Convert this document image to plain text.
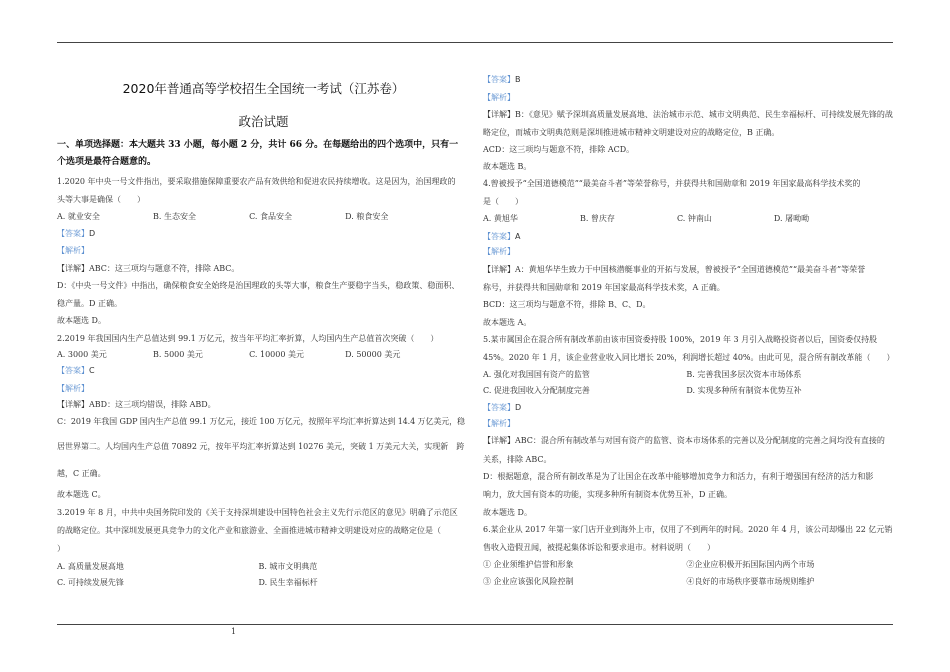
2020年普通高等学校招生全国统一考试（江苏卷）
政治试题
一、单项选择题：本大题共 33 小题，每小题 2 分，共计 66 分。在每题给出的四个选项中，只有一
个选项是最符合题意的。
1.2020 年中央一号文件指出，要采取措施保障重要农产品有效供给和促进农民持续增收。这是因为，治国理政的
头等大事是确保（　　）
A. 就业安全	B. 生态安全	C. 食品安全	D. 粮食安全
【答案】D
【解析】
【详解】ABC：这三项均与题意不符，排除 ABC。
D：《中央一号文件》中指出，确保粮食安全始终是治国理政的头等大事，粮食生产要稳字当头，稳政策、稳面积、
稳产量。D 正确。
故本题选 D。
2.2019 年我国国内生产总值达到 99.1 万亿元，按当年平均汇率折算，人均国内生产总值首次突破（　　）
A. 3000 美元	B. 5000 美元	C. 10000 美元	D. 50000 美元
【答案】C
【解析】
【详解】ABD：这三项均错误，排除 ABD。
C：2019 年我国 GDP 国内生产总值 99.1 万亿元，接近 100 万亿元，按照年平均汇率折算达到 14.4 万亿美元，稳
居世界第二。人均国内生产总值 70892 元，按年平均汇率折算达到 10276 美元，突破 1 万美元大关，实现新　跨
越，C 正确。
故本题选 C。
3.2019 年 8 月，中共中央国务院印发的《关于支持深圳建设中国特色社会主义先行示范区的意见》明确了示范区
的战略定位。其中深圳发展更具竞争力的文化产业和旅游业、全面推进城市精神文明建设对应的战略定位是（
）
A. 高质量发展高地	B. 城市文明典范
C. 可持续发展先锋	D. 民生幸福标杆
【答案】B
【解析】
【详解】B：《意见》赋予深圳高质量发展高地、法治城市示范、城市文明典范、民生幸福标杆、可持续发展先锋的战
略定位，而城市文明典范则是深圳推进城市精神文明建设对应的战略定位，B 正确。
ACD：这三项均与题意不符，排除 ACD。
故本题选 B。
4.曾被授予“全国道德模范”“最美奋斗者”等荣誉称号，并获得共和国勋章和 2019 年国家最高科学技术奖的
是（　　）
A. 黄旭华	B. 曾庆存	C. 钟南山	D. 屠呦呦
【答案】A
【解析】
【详解】A：黄旭华毕生致力于中国核潜艇事业的开拓与发展，曾被授予“全国道德模范”“最美奋斗者”等荣誉
称号，并获得共和国勋章和 2019 年国家最高科学技术奖，A 正确。
BCD：这三项均与题意不符，排除 B、C、D。
故本题选 A。
5.某市属国企在混合所有制改革前由该市国资委持股 100%，2019 年 3 月引入战略投资者以后，国资委仅持股
45%。2020 年 1 月，该企业营业收入同比增长 20%，利润增长超过 40%。由此可见，混合所有制改革能（　　）
A. 强化对我国国有资产的监管	B. 完善我国多层次资本市场体系
C. 促进我国收入分配制度完善	D. 实现多种所有制资本优势互补
【答案】D
【解析】
【详解】ABC：混合所有制改革与对国有资产的监管、资本市场体系的完善以及分配制度的完善之间均没有直接的
关系，排除 ABC。
D：根据题意，混合所有制改革是为了让国企在改革中能够增加竞争力和活力，有利于增强国有经济的活力和影
响力，放大国有资本的功能，实现多种所有制资本优势互补，D 正确。
故本题选 D。
6.某企业从 2017 年第一家门店开业到海外上市，仅用了不到两年的时间。2020 年 4 月，该公司却爆出 22 亿元销
售收入造假丑闻，被提起集体诉讼和要求退市。材料说明（　　）
① 企业须维护信誉和形象	②企业应积极开拓国际国内两个市场
③ 企业应该强化风险控制	④良好的市场秩序要靠市场规则维护
1
